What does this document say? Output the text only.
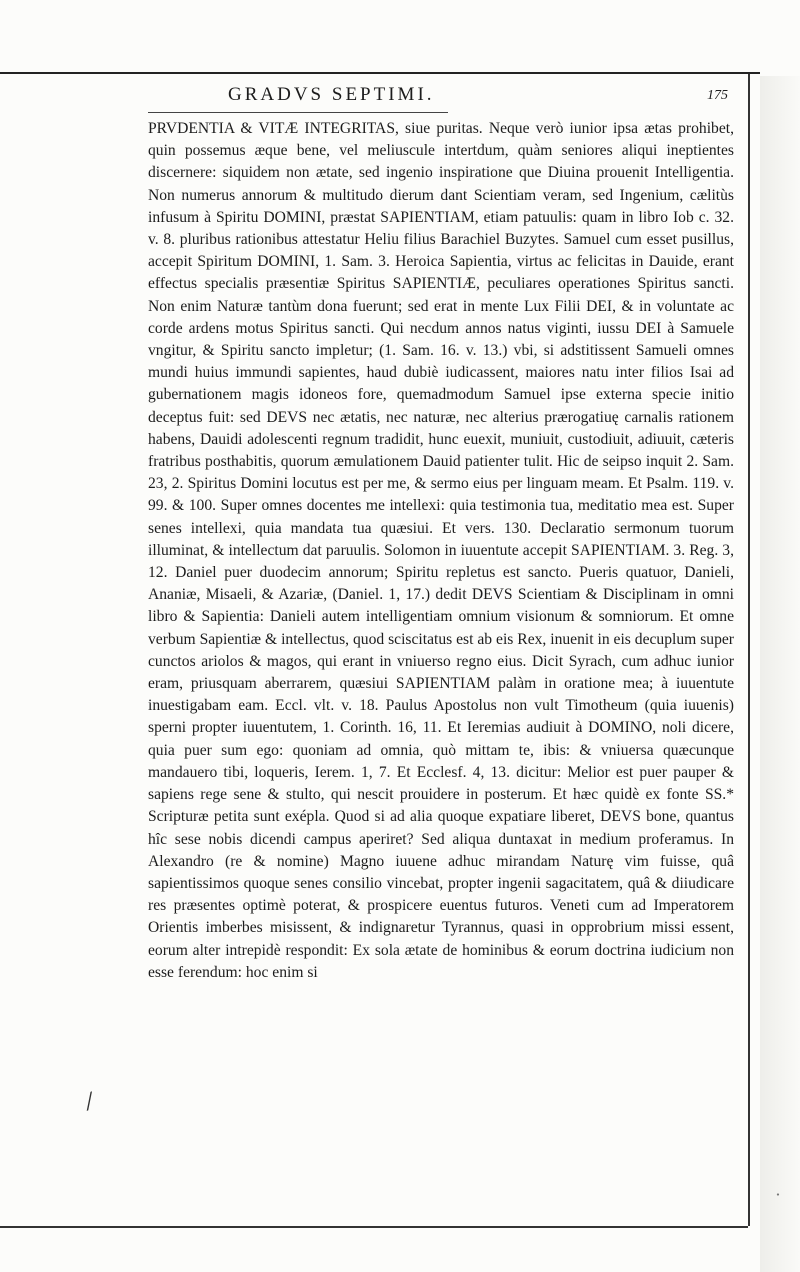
GRADVS SEPTIMI.	175

PRVDENTIA & VITÆ INTEGRITAS, siue puritas. Neque verò iunior ipsa ætas prohibet, quin possemus æque bene, vel meliuscule intertdum, quàm seniores aliqui ineptientes discernere: siquidem non ætate, sed ingenio inspiratione que Diuina prouenit Intelligentia. Non numerus annorum & multitudo dierum dant Scientiam veram, sed Ingenium, cælitùs infusum à Spiritu DOMINI, præstat SAPIENTIAM, etiam patuulis: quam in libro Iob c. 32. v. 8. pluribus rationibus attestatur Heliu filius Barachiel Buzytes. Samuel cum esset pusillus, accepit Spiritum DOMINI, 1. Sam. 3. Heroica Sapientia, virtus ac felicitas in Dauide, erant effectus specialis præsentiæ Spiritus SAPIENTIÆ, peculiares operationes Spiritus sancti. Non enim Naturæ tantùm dona fuerunt; sed erat in mente Lux Filii DEI, & in voluntate ac corde ardens motus Spiritus sancti. Qui necdum annos natus viginti, iussu DEI à Samuele vngitur, & Spiritu sancto impletur; (1. Sam. 16. v. 13.) vbi, si adstitissent Samueli omnes mundi huius immundi sapientes, haud dubiè iudicassent, maiores natu inter filios Isai ad gubernationem magis idoneos fore, quemadmodum Samuel ipse externa specie initio deceptus fuit: sed DEVS nec ætatis, nec naturæ, nec alterius prærogatiuę carnalis rationem habens, Dauidi adolescenti regnum tradidit, hunc euexit, muniuit, custodiuit, adiuuit, cæteris fratribus posthabitis, quorum æmulationem Dauid patienter tulit. Hic de seipso inquit 2. Sam. 23, 2. Spiritus Domini locutus est per me, & sermo eius per linguam meam. Et Psalm. 119. v. 99. & 100. Super omnes docentes me intellexi: quia testimonia tua, meditatio mea est. Super senes intellexi, quia mandata tua quæsiui. Et vers. 130. Declaratio sermonum tuorum illuminat, & intellectum dat paruulis. Solomon in iuuentute accepit SAPIENTIAM. 3. Reg. 3, 12. Daniel puer duodecim annorum; Spiritu repletus est sancto. Pueris quatuor, Danieli, Ananiæ, Misaeli, & Azariæ, (Daniel. 1, 17.) dedit DEVS Scientiam & Disciplinam in omni libro & Sapientia: Danieli autem intelligentiam omnium visionum & somniorum. Et omne verbum Sapientiæ & intellectus, quod sciscitatus est ab eis Rex, inuenit in eis decuplum super cunctos ariolos & magos, qui erant in vniuerso regno eius. Dicit Syrach, cum adhuc iunior eram, priusquam aberrarem, quæsiui SAPIENTIAM palàm in oratione mea; à iuuentute inuestigabam eam. Eccl. vlt. v. 18. Paulus Apostolus non vult Timotheum (quia iuuenis) sperni propter iuuentutem, 1. Corinth. 16, 11. Et Ieremias audiuit à DOMINO, noli dicere, quia puer sum ego: quoniam ad omnia, quò mittam te, ibis: & vniuersa quæcunque mandauero tibi, loqueris, Ierem. 1, 7. Et Ecclesf. 4, 13. dicitur: Melior est puer pauper & sapiens rege sene & stulto, qui nescit prouidere in posterum. Et hæc quidè ex fonte SS.* Scripturæ petita sunt exépla. Quod si ad alia quoque expatiare liberet, DEVS bone, quantus hîc sese nobis dicendi campus aperiret? Sed aliqua duntaxat in medium proferamus. In Alexandro (re & nomine) Magno iuuene adhuc mirandam Naturę vim fuisse, quâ sapientissimos quoque senes consilio vincebat, propter ingenii sagacitatem, quâ & diiudicare res præsentes optimè poterat, & prospicere euentus futuros. Veneti cum ad Imperatorem Orientis imberbes misissent, & indignaretur Tyrannus, quasi in opprobrium missi essent, eorum alter intrepidè respondit: Ex sola ætate de hominibus & eorum doctrina iudicium non esse ferendum: hoc enim si

⁄
∙
